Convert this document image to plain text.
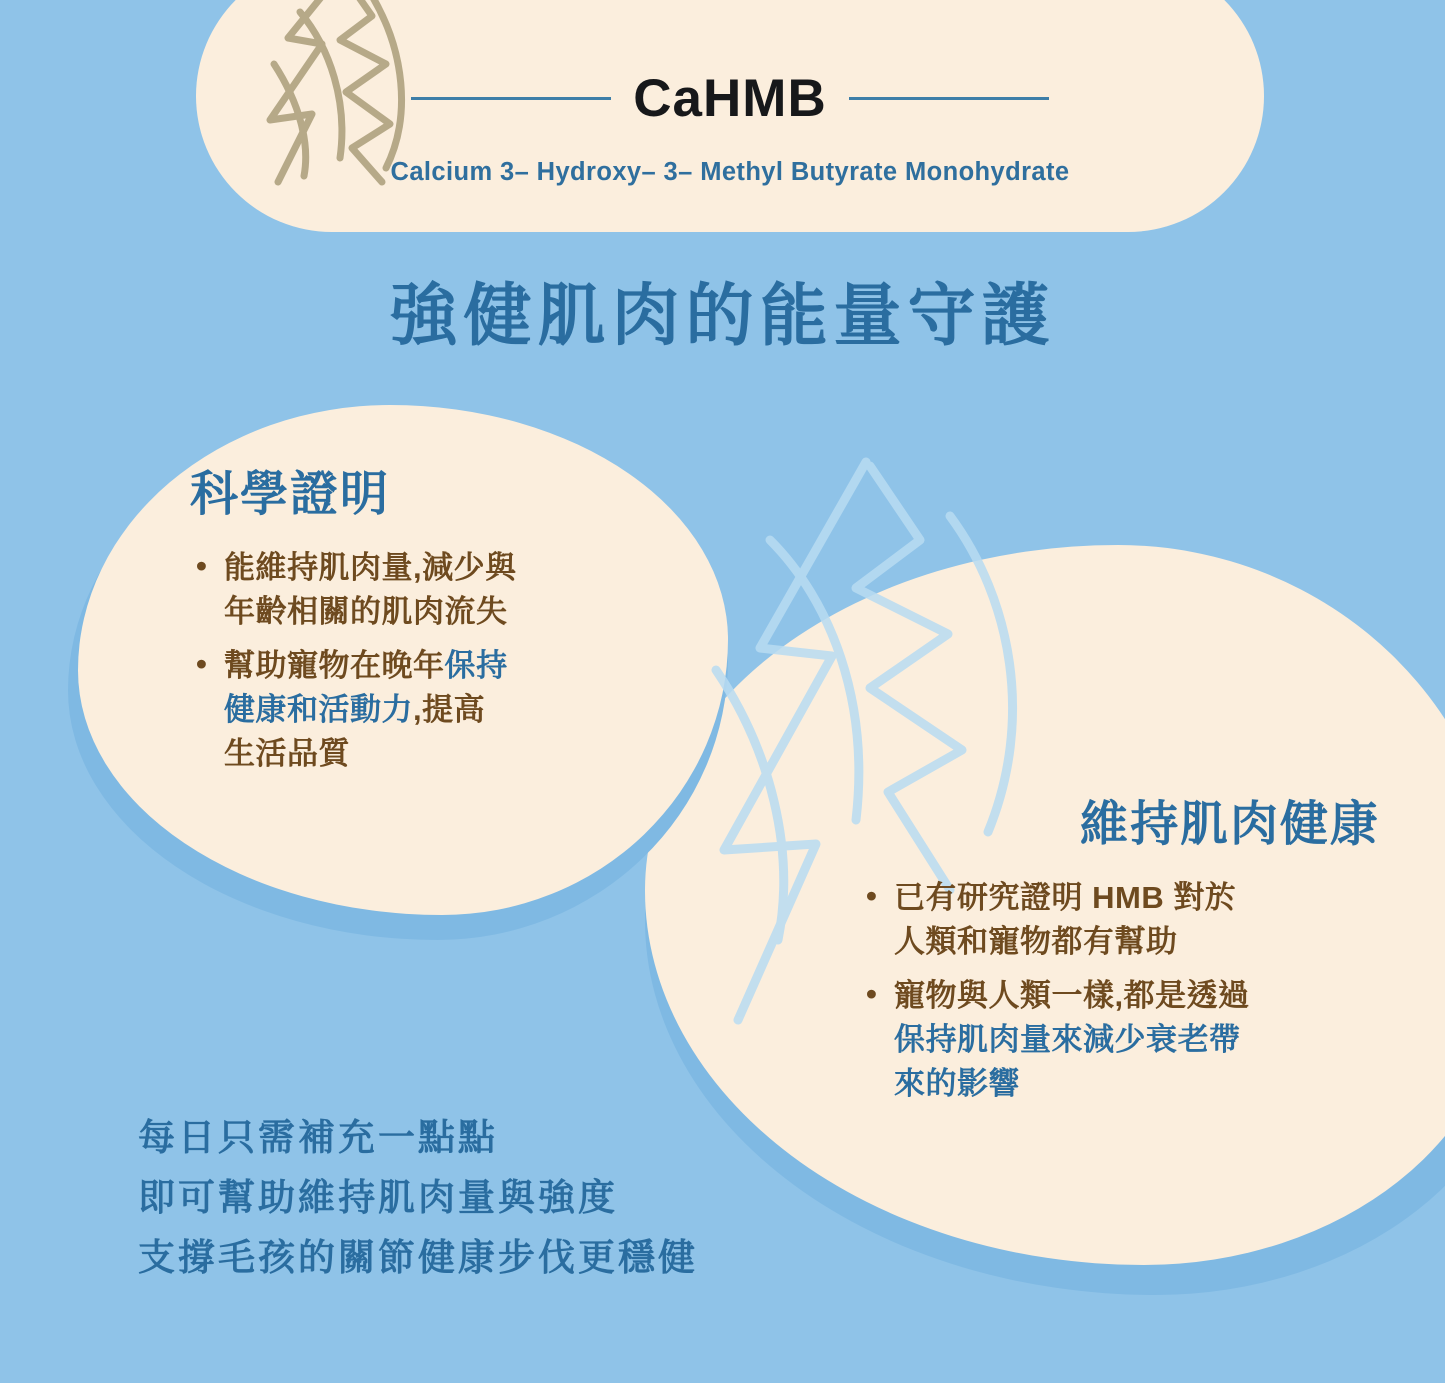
CaHMB
Calcium 3– Hydroxy– 3– Methyl Butyrate Monohydrate
強健肌肉的能量守護
科學證明
• 能維持肌肉量,減少與
年齡相關的肌肉流失
• 幫助寵物在晚年保持
健康和活動力,提高
生活品質
維持肌肉健康
• 已有研究證明 HMB 對於
人類和寵物都有幫助
• 寵物與人類一樣,都是透過
保持肌肉量來減少衰老帶
來的影響
每日只需補充一點點
即可幫助維持肌肉量與強度
支撐毛孩的關節健康步伐更穩健
